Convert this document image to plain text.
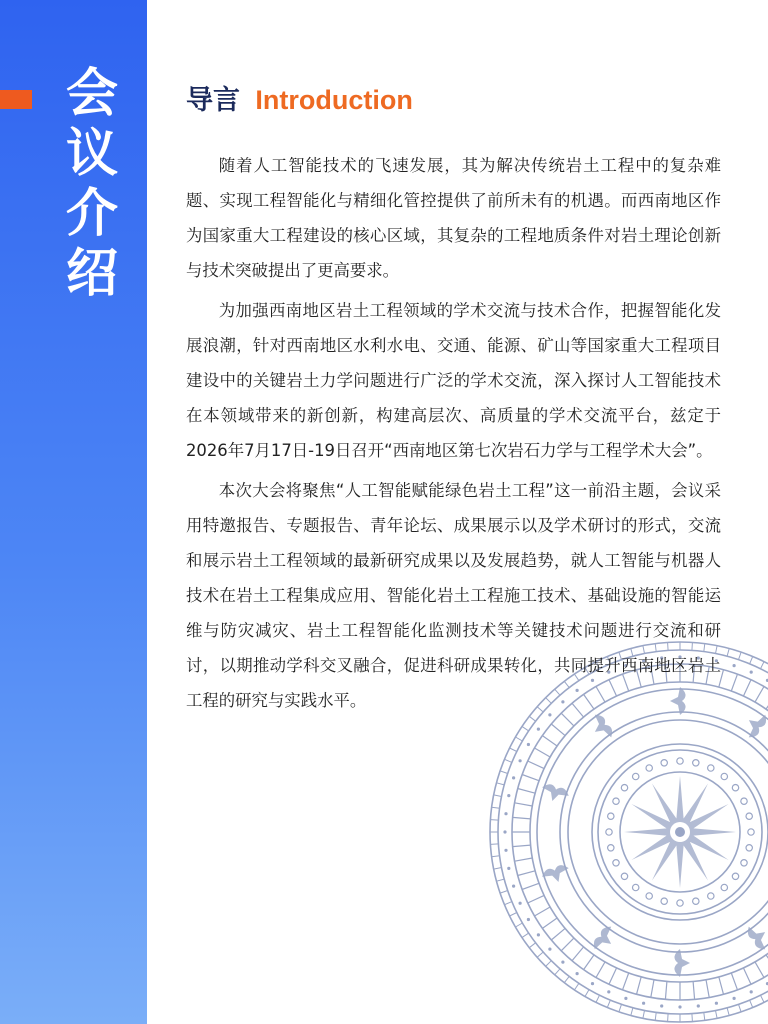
会
议
介
绍
导言 Introduction

随着人工智能技术的飞速发展，其为解决传统岩土工程中的复杂难题、实现工程智能化与精细化管控提供了前所未有的机遇。而西南地区作为国家重大工程建设的核心区域，其复杂的工程地质条件对岩土理论创新与技术突破提出了更高要求。

为加强西南地区岩土工程领域的学术交流与技术合作，把握智能化发展浪潮，针对西南地区水利水电、交通、能源、矿山等国家重大工程项目建设中的关键岩土力学问题进行广泛的学术交流，深入探讨人工智能技术在本领域带来的新创新，构建高层次、高质量的学术交流平台，兹定于2026年7月17日-19日召开“西南地区第七次岩石力学与工程学术大会”。

本次大会将聚焦“人工智能赋能绿色岩土工程”这一前沿主题，会议采用特邀报告、专题报告、青年论坛、成果展示以及学术研讨的形式，交流和展示岩土工程领域的最新研究成果以及发展趋势，就人工智能与机器人技术在岩土工程集成应用、智能化岩土工程施工技术、基础设施的智能运维与防灾减灾、岩土工程智能化监测技术等关键技术问题进行交流和研讨，以期推动学科交叉融合，促进科研成果转化，共同提升西南地区岩土工程的研究与实践水平。
